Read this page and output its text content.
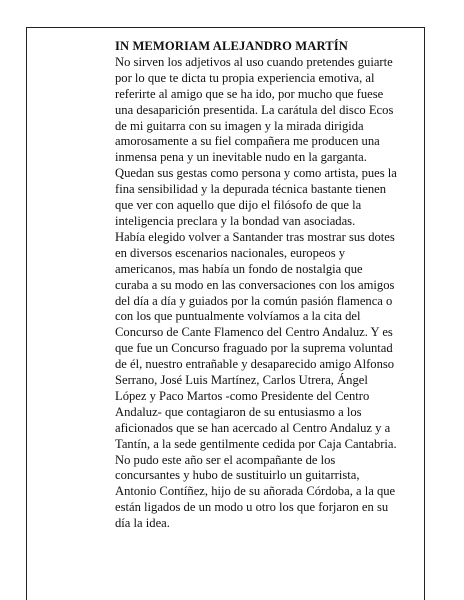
IN MEMORIAM ALEJANDRO MARTÍN

No sirven los adjetivos al uso cuando pretendes guiarte
por lo que te dicta tu propia experiencia emotiva, al
referirte al amigo que se ha ido, por mucho que fuese
una desaparición presentida. La carátula del disco Ecos
de mi guitarra con su imagen y la mirada dirigida
amorosamente a su fiel compañera me producen una
inmensa pena y un inevitable nudo en la garganta.
Quedan sus gestas como persona y como artista, pues la
fina sensibilidad y la depurada técnica bastante tienen
que ver con aquello que dijo el filósofo de que la
inteligencia preclara y la bondad van asociadas.
Había elegido volver a Santander tras mostrar sus dotes
en diversos escenarios nacionales, europeos y
americanos, mas había un fondo de nostalgia que
curaba a su modo en las conversaciones con los amigos
del día a día y guiados por la común pasión flamenca o
con los que puntualmente volvíamos a la cita del
Concurso de Cante Flamenco del Centro Andaluz. Y es
que fue un Concurso fraguado por la suprema voluntad
de él, nuestro entrañable y desaparecido amigo Alfonso
Serrano, José Luis Martínez, Carlos Utrera, Ángel
López y Paco Martos -como Presidente del Centro
Andaluz- que contagiaron de su entusiasmo a los
aficionados que se han acercado al Centro Andaluz y a
Tantín, a la sede gentilmente cedida por Caja Cantabria.
No pudo este año ser el acompañante de los
concursantes y hubo de sustituirlo un guitarrista,
Antonio Contíñez, hijo de su añorada Córdoba, a la que
están ligados de un modo u otro los que forjaron en su
día la idea.
